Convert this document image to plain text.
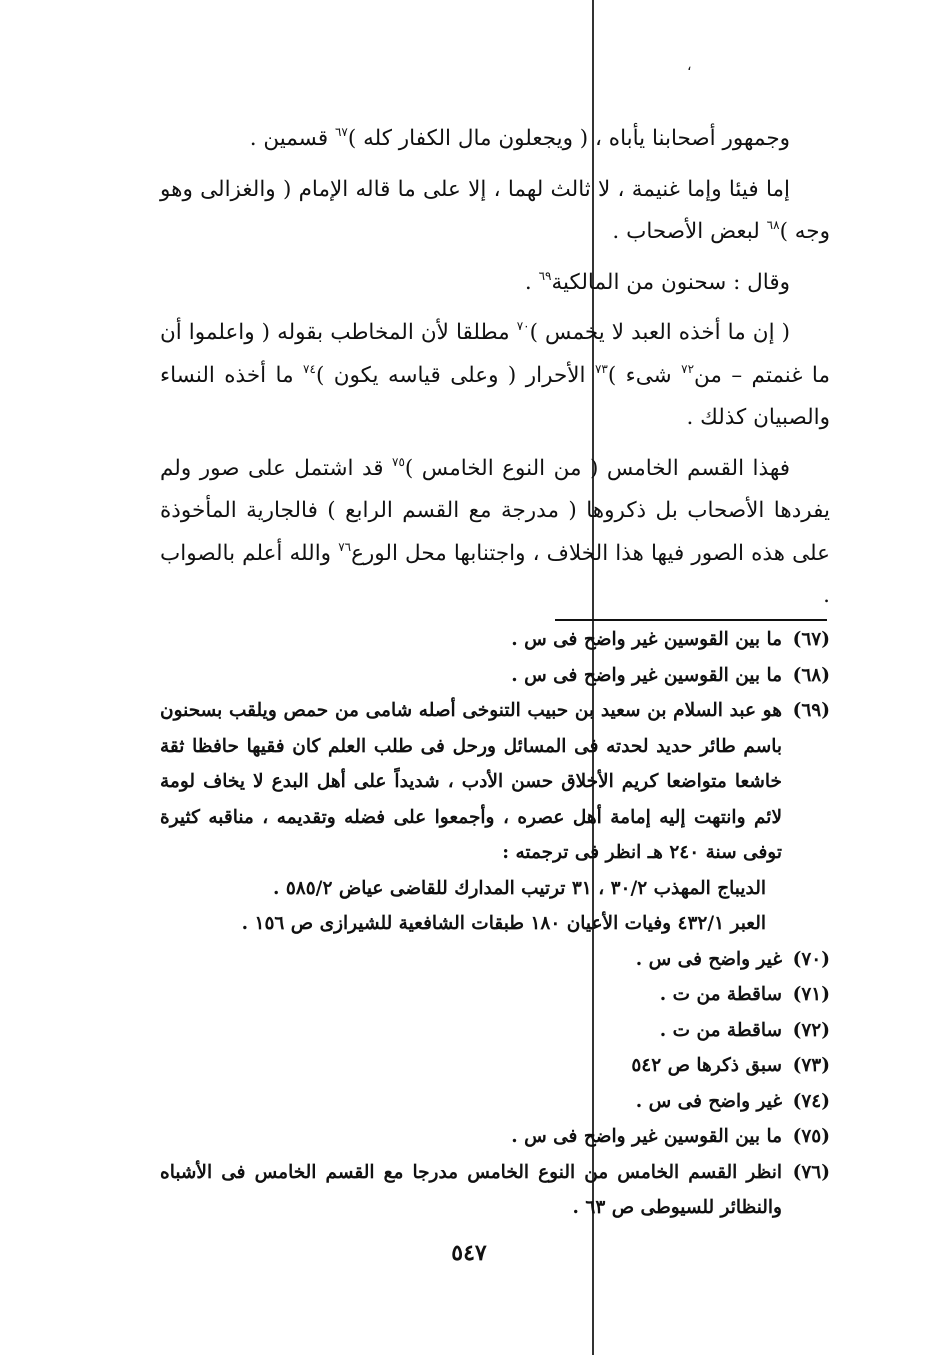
،

وجمهور أصحابنا يأباه ، ( ويجعلون مال الكفار كله )$^{٦٧}$ قسمين .

إما فيئا وإما غنيمة ، لا ثالث لهما ، إلا على ما قاله الإمام ( والغزالى وهو وجه )$^{٦٨}$ لبعض الأصحاب .

وقال : سحنون من المالكية$^{٦٩}$ .

( إن ما أخذه العبد لا يخمس )$^{٧٠}$ مطلقا لأن المخاطب بقوله ( واعلموا أن ما غنمتم – من$^{٧٢}$ شىء )$^{٧٣}$ الأحرار ( وعلى قياسه يكون )$^{٧٤}$ ما أخذه النساء والصبيان كذلك .

فهذا القسم الخامس ( من النوع الخامس )$^{٧٥}$ قد اشتمل على صور ولم يفردها الأصحاب بل ذكروها ( مدرجة مع القسم الرابع ) فالجارية المأخوذة على هذه الصور فيها هذا الخلاف ، واجتنابها محل الورع$^{٧٦}$ والله أعلم بالصواب .

(٦٧)
ما بين القوسين غير واضح فى س .
(٦٨)
ما بين القوسين غير واضح فى س .
(٦٩)
هو عبد السلام بن سعيد بن حبيب التنوخى أصله شامى من حمص ويلقب بسحنون باسم طائر حديد لحدته فى المسائل ورحل فى طلب العلم كان فقيها حافظا ثقة خاشعا متواضعا كريم الأخلاق حسن الأدب ، شديداً على أهل البدع لا يخاف لومة لائم وانتهت إليه إمامة أهل عصره ، وأجمعوا على فضله وتقديمه ، مناقبه كثيرة توفى سنة ٢٤٠ هـ انظر فى ترجمته :
الديباج المهذب ٣٠/٢ ، ٣١ ترتيب المدارك للقاضى عياض ٥٨٥/٢ .
العبر ٤٣٢/١ وفيات الأعيان ١٨٠ طبقات الشافعية للشيرازى ص ١٥٦ .
(٧٠)
غير واضح فى س .
(٧١)
ساقطة من ت .
(٧٢)
ساقطة من ت .
(٧٣)
سبق ذكرها ص ٥٤٢
(٧٤)
غير واضح فى س .
(٧٥)
ما بين القوسين غير واضح فى س .
(٧٦)
انظر القسم الخامس من النوع الخامس مدرجا مع القسم الخامس فى الأشباه والنظائر للسيوطى ص ٦٣ .
٥٤٧
